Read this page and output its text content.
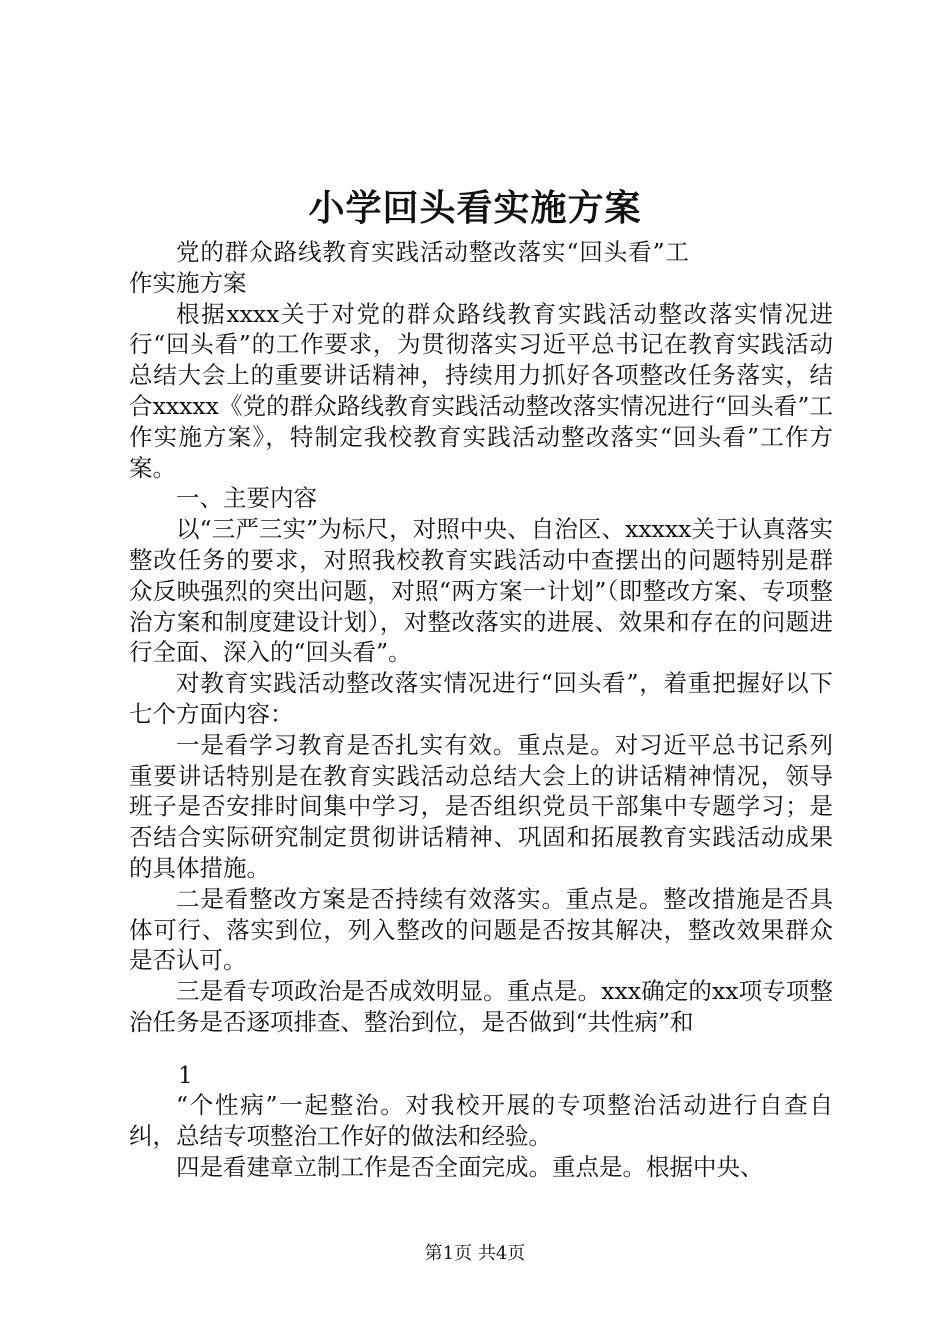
小学回头看实施方案

党的群众路线教育实践活动整改落实“回头看”工作实施方案

根据xxxx关于对党的群众路线教育实践活动整改落实情况进行“回头看”的工作要求，为贯彻落实习近平总书记在教育实践活动总结大会上的重要讲话精神，持续用力抓好各项整改任务落实，结合xxxxx《党的群众路线教育实践活动整改落实情况进行“回头看”工作实施方案》，特制定我校教育实践活动整改落实“回头看”工作方案。

一、主要内容

以“三严三实”为标尺，对照中央、自治区、xxxxx关于认真落实整改任务的要求，对照我校教育实践活动中查摆出的问题特别是群众反映强烈的突出问题，对照“两方案一计划”（即整改方案、专项整治方案和制度建设计划），对整改落实的进展、效果和存在的问题进行全面、深入的“回头看”。

对教育实践活动整改落实情况进行“回头看”，着重把握好以下七个方面内容：

一是看学习教育是否扎实有效。重点是。对习近平总书记系列重要讲话特别是在教育实践活动总结大会上的讲话精神情况，领导班子是否安排时间集中学习，是否组织党员干部集中专题学习；是否结合实际研究制定贯彻讲话精神、巩固和拓展教育实践活动成果的具体措施。

二是看整改方案是否持续有效落实。重点是。整改措施是否具体可行、落实到位，列入整改的问题是否按其解决，整改效果群众是否认可。

三是看专项政治是否成效明显。重点是。xxx确定的xx项专项整治任务是否逐项排查、整治到位，是否做到“共性病”和

1

“个性病”一起整治。对我校开展的专项整治活动进行自查自纠，总结专项整治工作好的做法和经验。

四是看建章立制工作是否全面完成。重点是。根据中央、

第1页 共4页
